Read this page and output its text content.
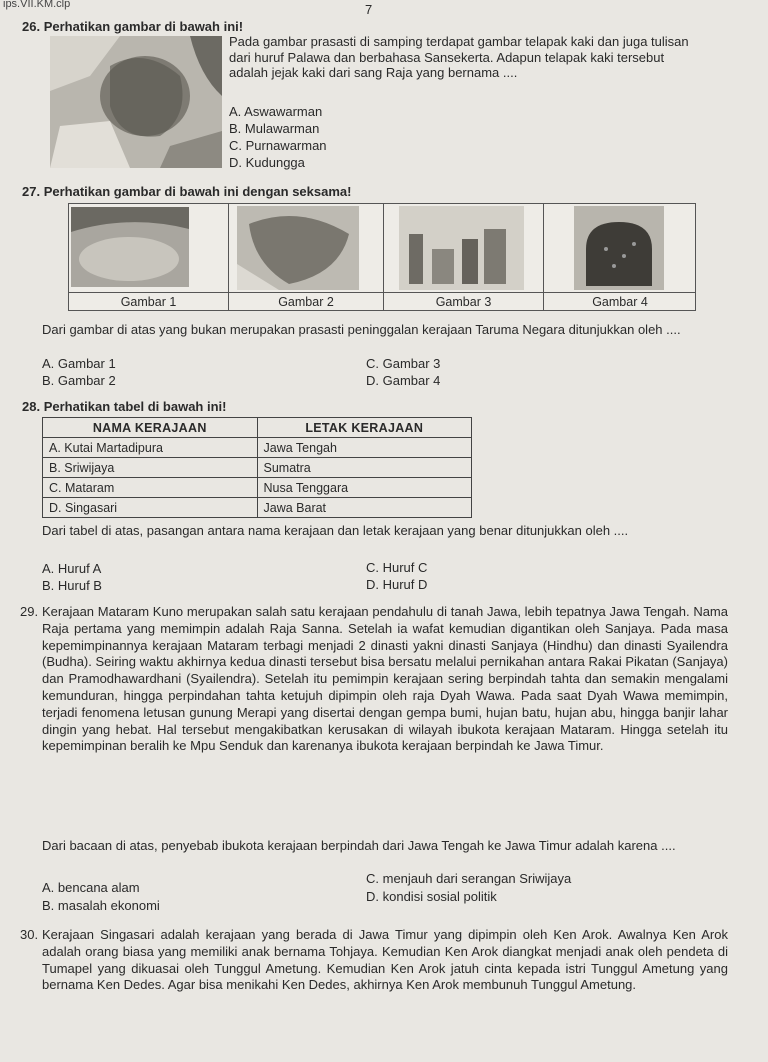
ips.VII.KM.clp	7
26. Perhatikan gambar di bawah ini!
Pada gambar prasasti di samping terdapat gambar telapak kaki dan juga tulisan dari huruf Palawa dan berbahasa Sansekerta. Adapun telapak kaki tersebut adalah jejak kaki dari sang Raja yang bernama ....
A. Aswawarman
B. Mulawarman
C. Purnawarman
D. Kudungga
27. Perhatikan gambar di bawah ini dengan seksama!
Gambar 1	Gambar 2	Gambar 3	Gambar 4
Dari gambar di atas yang bukan merupakan prasasti peninggalan kerajaan Taruma Negara ditunjukkan oleh ....
A. Gambar 1
B. Gambar 2
C. Gambar 3
D. Gambar 4
28. Perhatikan tabel di bawah ini!
NAMA KERAJAAN	LETAK KERAJAAN
A. Kutai Martadipura	Jawa Tengah
B. Sriwijaya	Sumatra
C. Mataram	Nusa Tenggara
D. Singasari	Jawa Barat
Dari tabel di atas, pasangan antara nama kerajaan dan letak kerajaan yang benar ditunjukkan oleh ....
A. Huruf A
B. Huruf B
C. Huruf C
D. Huruf D
29. Kerajaan Mataram Kuno merupakan salah satu kerajaan pendahulu di tanah Jawa, lebih tepatnya Jawa Tengah. Nama Raja pertama yang memimpin adalah Raja Sanna. Setelah ia wafat kemudian digantikan oleh Sanjaya. Pada masa kepemimpinannya kerajaan Mataram terbagi menjadi 2 dinasti yakni dinasti Sanjaya (Hindhu) dan dinasti Syailendra (Budha). Seiring waktu akhirnya kedua dinasti tersebut bisa bersatu melalui pernikahan antara Rakai Pikatan (Sanjaya) dan Pramodhawardhani (Syailendra). Setelah itu pemimpin kerajaan sering berpindah tahta dan semakin mengalami kemunduran, hingga perpindahan tahta ketujuh dipimpin oleh raja Dyah Wawa. Pada saat Dyah Wawa memimpin, terjadi fenomena letusan gunung Merapi yang disertai dengan gempa bumi, hujan batu, hujan abu, hingga banjir lahar dingin yang hebat. Hal tersebut mengakibatkan kerusakan di wilayah ibukota kerajaan Mataram. Hingga setelah itu kepemimpinan beralih ke Mpu Senduk dan karenanya ibukota kerajaan berpindah ke Jawa Timur.
Dari bacaan di atas, penyebab ibukota kerajaan berpindah dari Jawa Tengah ke Jawa Timur adalah karena ....
A. bencana alam
B. masalah ekonomi
C. menjauh dari serangan Sriwijaya
D. kondisi sosial politik
30. Kerajaan Singasari adalah kerajaan yang berada di Jawa Timur yang dipimpin oleh Ken Arok. Awalnya Ken Arok adalah orang biasa yang memiliki anak bernama Tohjaya. Kemudian Ken Arok diangkat menjadi anak oleh pendeta di Tumapel yang dikuasai oleh Tunggul Ametung. Kemudian Ken Arok jatuh cinta kepada istri Tunggul Ametung yang bernama Ken Dedes. Agar bisa menikahi Ken Dedes, akhirnya Ken Arok membunuh Tunggul Ametung.
